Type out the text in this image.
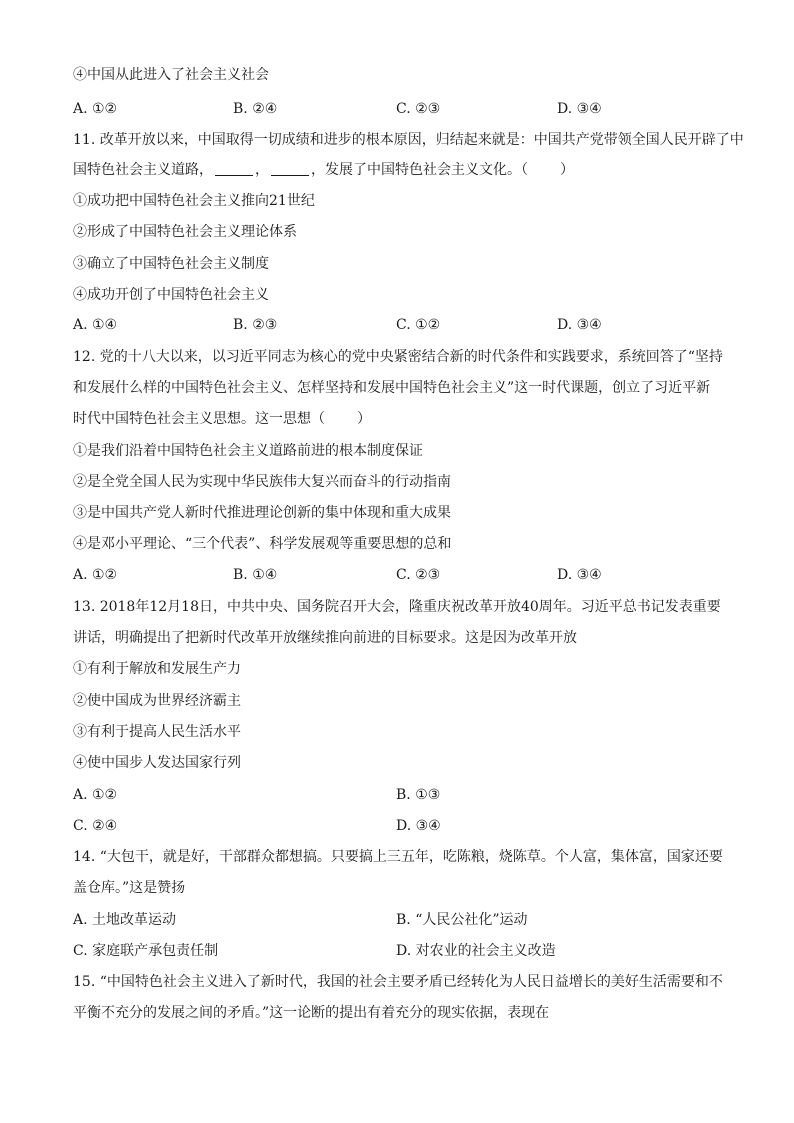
④中国从此进入了社会主义社会
A. ①②	B. ②④	C. ②③	D. ③④
11. 改革开放以来，中国取得一切成绩和进步的根本原因，归结起来就是：中国共产党带领全国人民开辟了中
国特色社会主义道路，	，	，发展了中国特色社会主义文化。（ ）
①成功把中国特色社会主义推向21世纪
②形成了中国特色社会主义理论体系
③确立了中国特色社会主义制度
④成功开创了中国特色社会主义
A. ①④	B. ②③	C. ①②	D. ③④
12. 党的十八大以来，以习近平同志为核心的党中央紧密结合新的时代条件和实践要求，系统回答了“坚持
和发展什么样的中国特色社会主义、怎样坚持和发展中国特色社会主义”这一时代课题，创立了习近平新
时代中国特色社会主义思想。这一思想（ ）
①是我们沿着中国特色社会主义道路前进的根本制度保证
③是中国共产党人新时代推进理论创新的集中体现和重大成果
②是全党全国人民为实现中华民族伟大复兴而奋斗的行动指南
④是邓小平理论、“三个代表”、科学发展观等重要思想的总和
A. ①②	B. ①④	C. ②③	D. ③④
13. 2018年12月18日，中共中央、国务院召开大会，隆重庆祝改革开放40周年。习近平总书记发表重要
讲话，明确提出了把新时代改革开放继续推向前进的目标要求。这是因为改革开放
①有利于解放和发展生产力
②使中国成为世界经济霸主
③有利于提高人民生活水平
④使中国步人发达国家行列
A. ①②	B. ①③
C. ②④	D. ③④
14. “大包干，就是好，干部群众都想搞。只要搞上三五年，吃陈粮，烧陈草。个人富，集体富，国家还要
盖仓库。”这是赞扬
A. 土地改革运动	B. “人民公社化”运动
C. 家庭联产承包责任制	D. 对农业的社会主义改造
15. “中国特色社会主义进入了新时代，我国的社会主要矛盾已经转化为人民日益增长的美好生活需要和不
平衡不充分的发展之间的矛盾。”这一论断的提出有着充分的现实依据，表现在
